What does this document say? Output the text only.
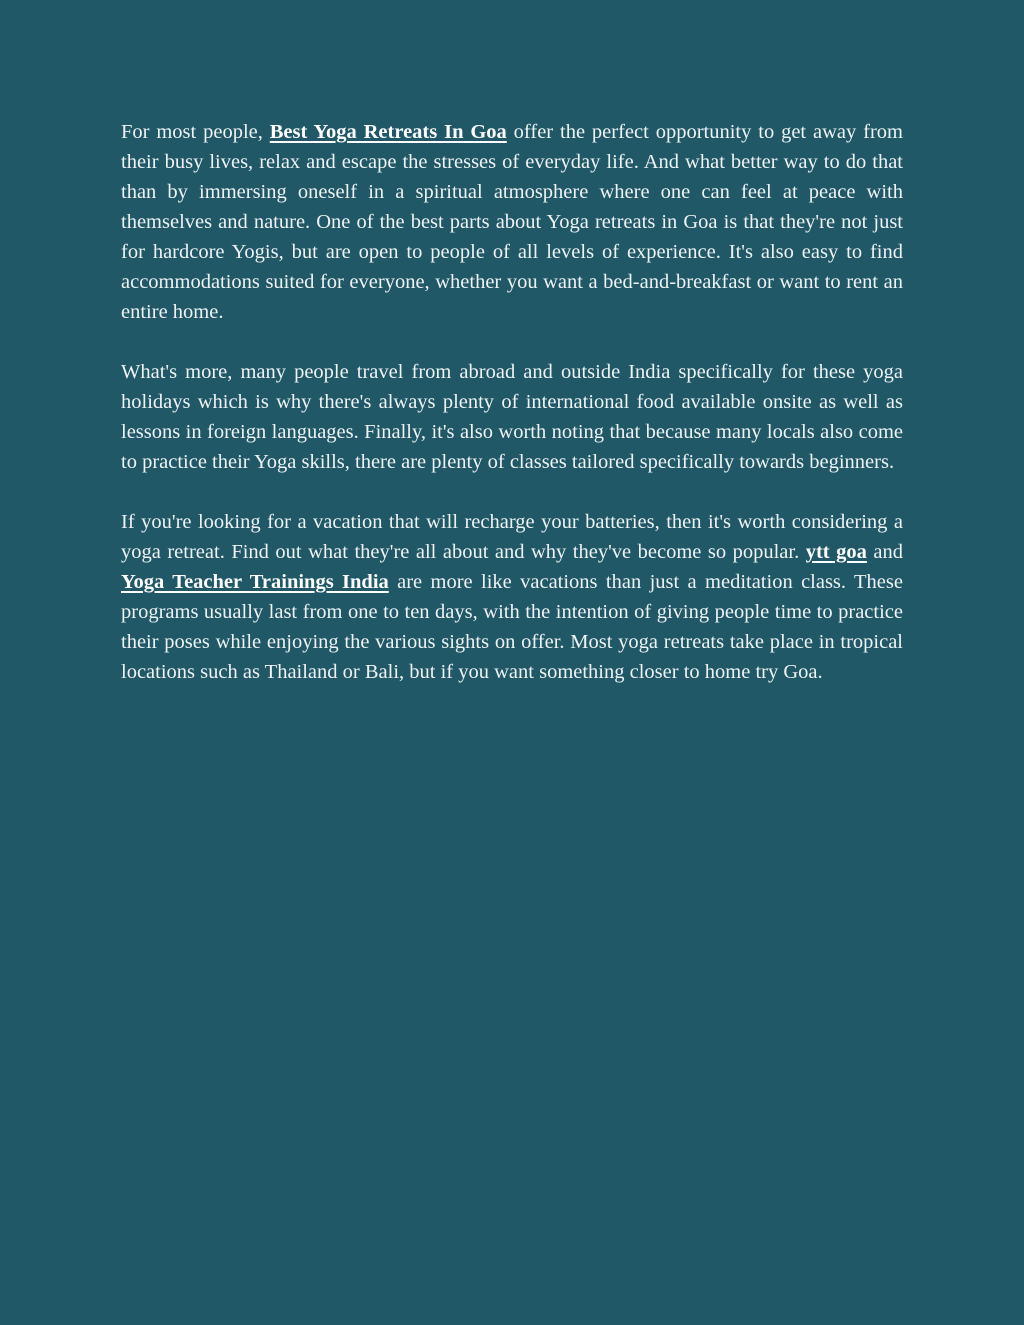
For most people, Best Yoga Retreats In Goa offer the perfect opportunity to get away from their busy lives, relax and escape the stresses of everyday life. And what better way to do that than by immersing oneself in a spiritual atmosphere where one can feel at peace with themselves and nature. One of the best parts about Yoga retreats in Goa is that they're not just for hardcore Yogis, but are open to people of all levels of experience. It's also easy to find accommodations suited for everyone, whether you want a bed-and-breakfast or want to rent an entire home.

What's more, many people travel from abroad and outside India specifically for these yoga holidays which is why there's always plenty of international food available onsite as well as lessons in foreign languages. Finally, it's also worth noting that because many locals also come to practice their Yoga skills, there are plenty of classes tailored specifically towards beginners.

If you're looking for a vacation that will recharge your batteries, then it's worth considering a yoga retreat. Find out what they're all about and why they've become so popular. ytt goa and Yoga Teacher Trainings India are more like vacations than just a meditation class. These programs usually last from one to ten days, with the intention of giving people time to practice their poses while enjoying the various sights on offer. Most yoga retreats take place in tropical locations such as Thailand or Bali, but if you want something closer to home try Goa.
